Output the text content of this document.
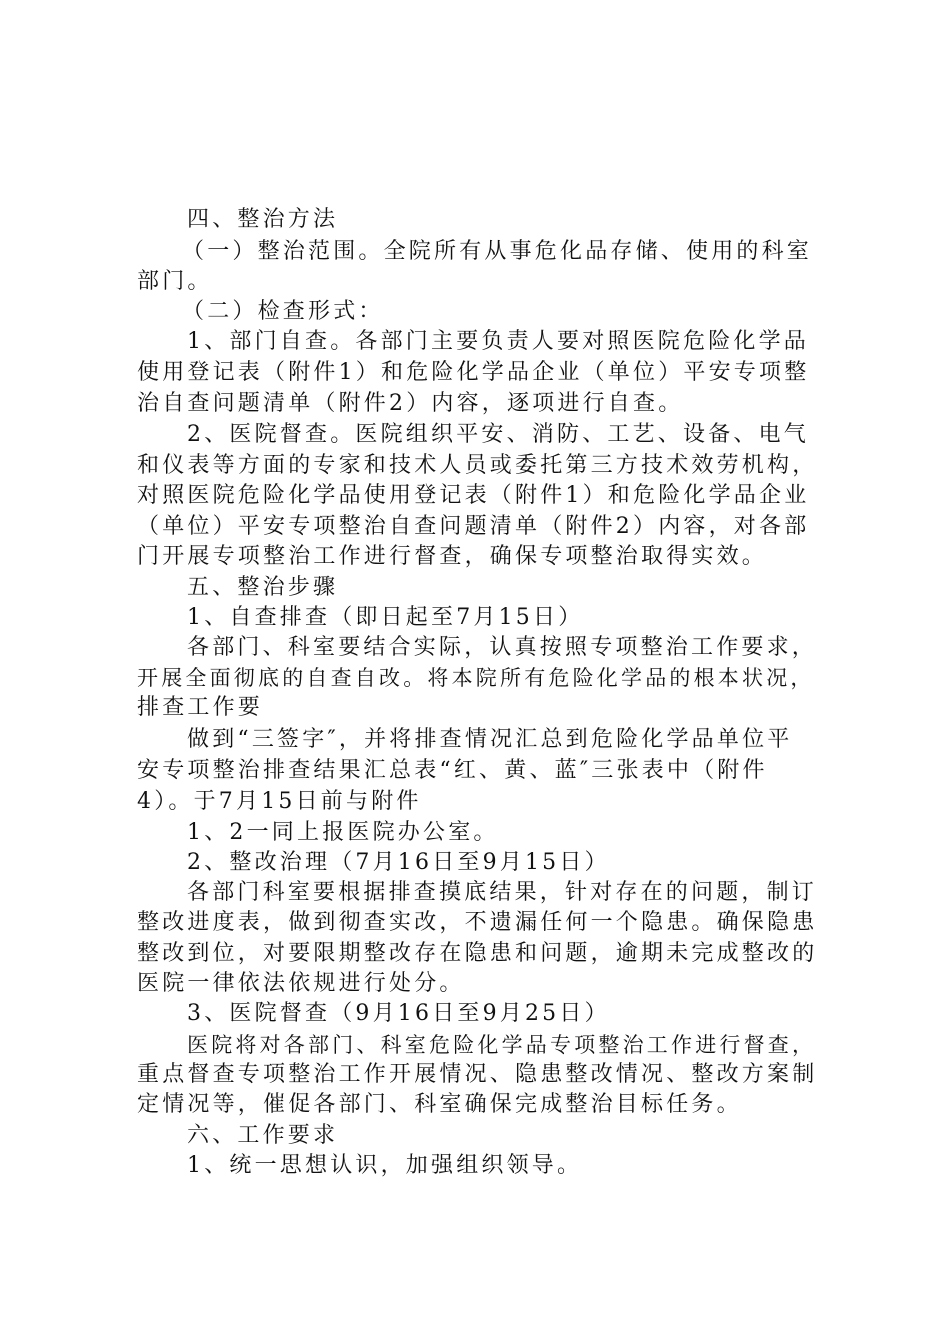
四、整治方法
（一）整治范围。全院所有从事危化品存储、使用的科室
部门。
（二）检查形式：
1、部门自查。各部门主要负责人要对照医院危险化学品
使用登记表（附件1）和危险化学品企业（单位）平安专项整
治自查问题清单（附件2）内容，逐项进行自查。
2、医院督查。医院组织平安、消防、工艺、设备、电气
和仪表等方面的专家和技术人员或委托第三方技术效劳机构，
对照医院危险化学品使用登记表（附件1）和危险化学品企业
（单位）平安专项整治自查问题清单（附件2）内容，对各部
门开展专项整治工作进行督查，确保专项整治取得实效。
五、整治步骤
1、自查排查（即日起至7月15日）
各部门、科室要结合实际，认真按照专项整治工作要求，
开展全面彻底的自查自改。将本院所有危险化学品的根本状况，
排查工作要
做到“三签字″，并将排查情况汇总到危险化学品单位平
安专项整治排查结果汇总表“红、黄、蓝″三张表中（附件
4）。于7月15日前与附件
1、2一同上报医院办公室。
2、整改治理（7月16日至9月15日）
各部门科室要根据排查摸底结果，针对存在的问题，制订
整改进度表，做到彻查实改，不遗漏任何一个隐患。确保隐患
整改到位，对要限期整改存在隐患和问题，逾期未完成整改的
医院一律依法依规进行处分。
3、医院督查（9月16日至9月25日）
医院将对各部门、科室危险化学品专项整治工作进行督查，
重点督查专项整治工作开展情况、隐患整改情况、整改方案制
定情况等，催促各部门、科室确保完成整治目标任务。
六、工作要求
1、统一思想认识，加强组织领导。
